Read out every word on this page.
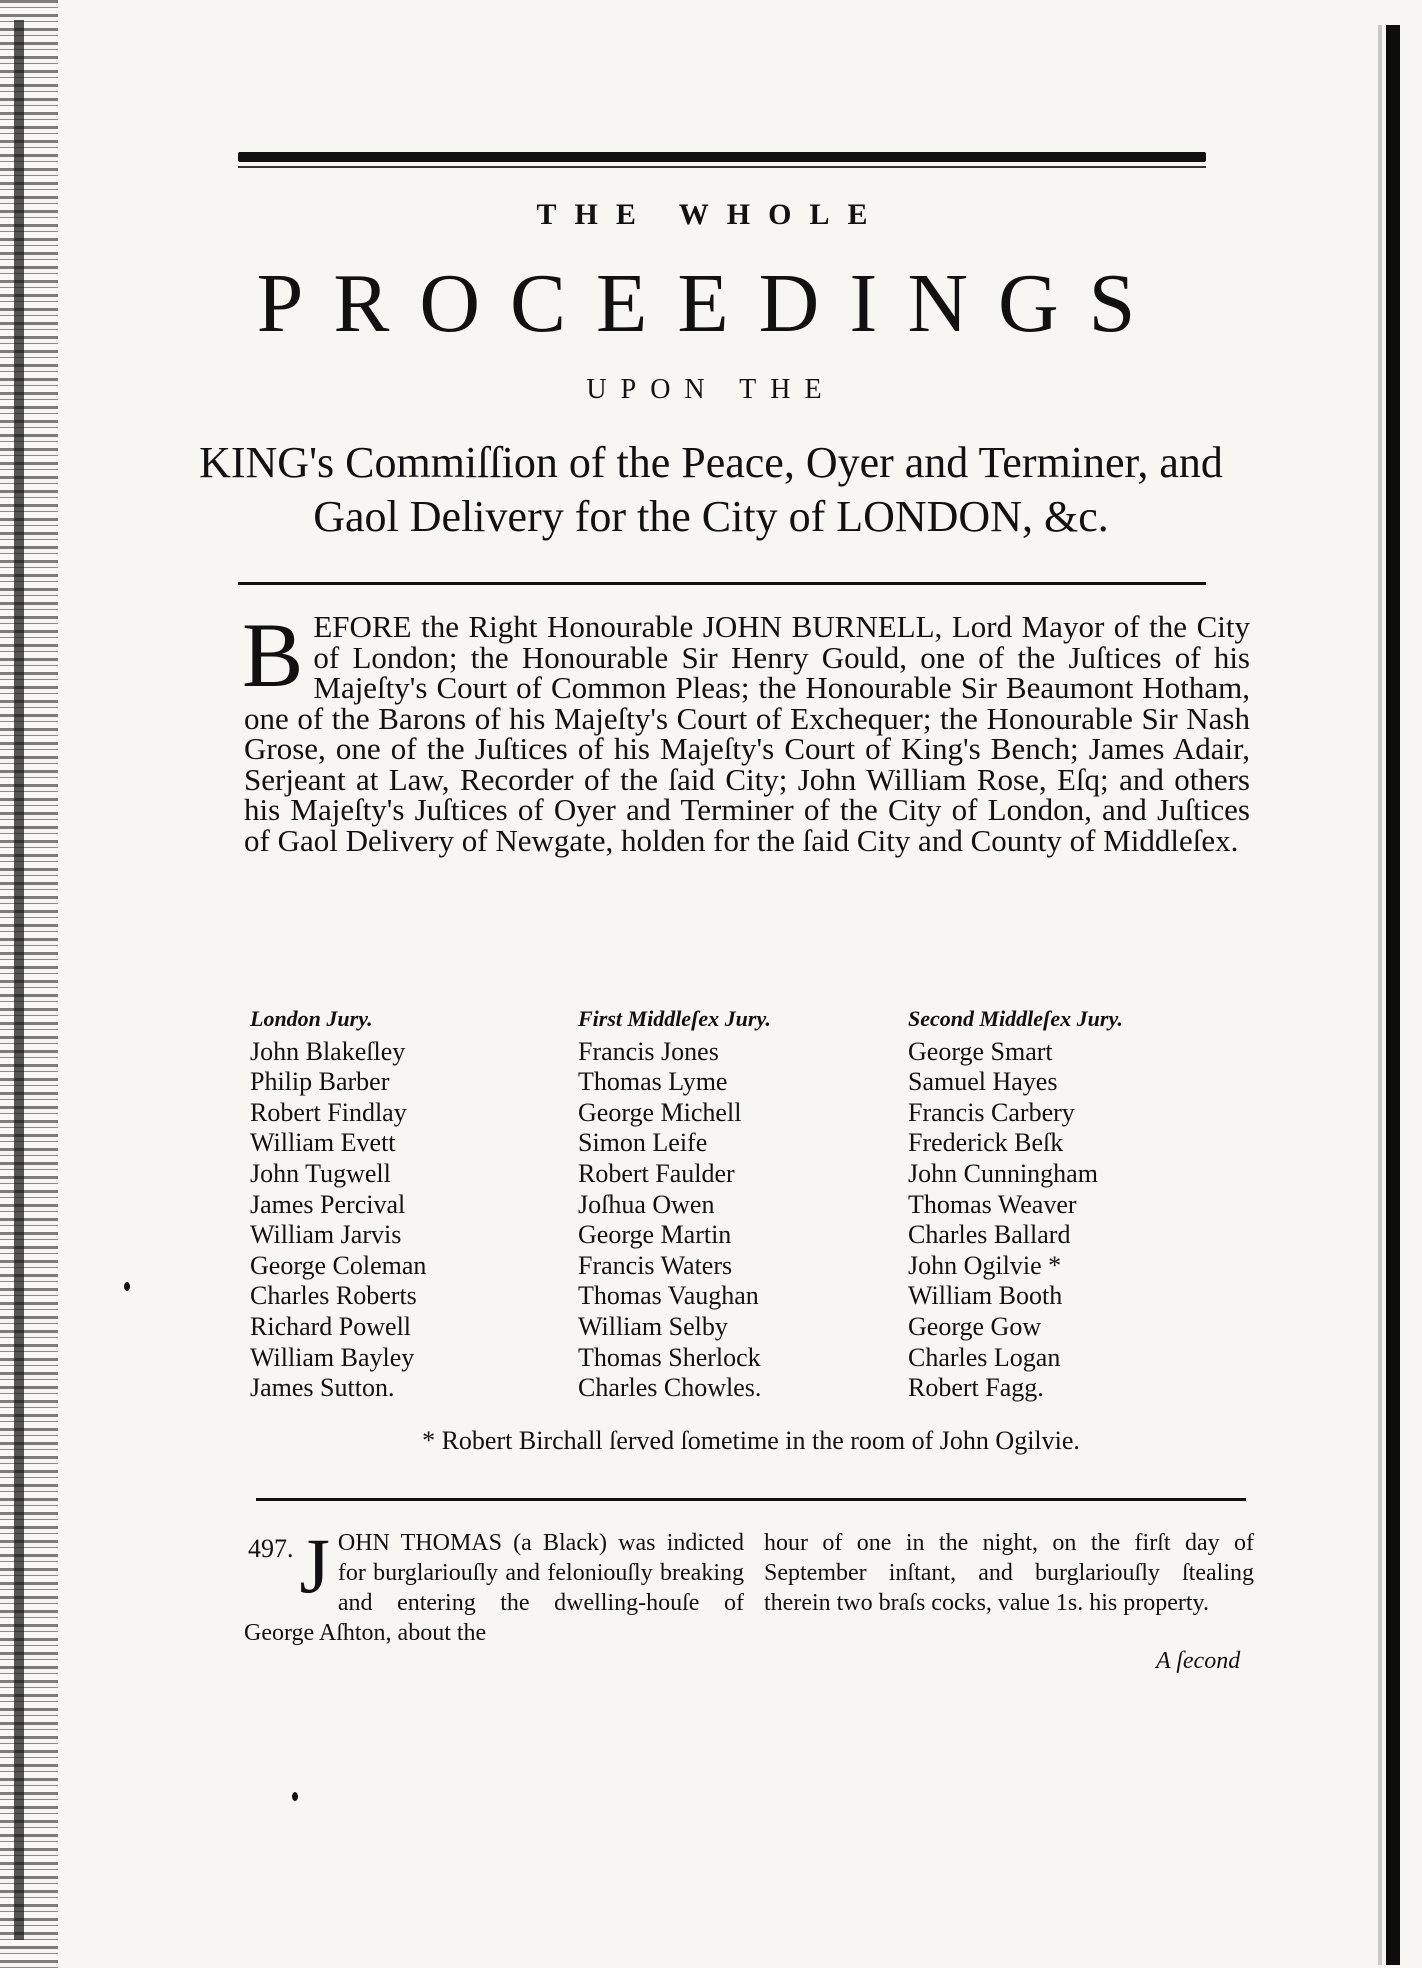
THE WHOLE
PROCEEDINGS
UPON THE
KING's Commiſſion of the Peace, Oyer and Terminer, and
Gaol Delivery for the City of LONDON, &c.
B EFORE the Right Honourable JOHN BURNELL, Lord Mayor of the City of London; the Honourable Sir Henry Gould, one of the Juſtices of his Majeſty's Court of Common Pleas; the Honourable Sir Beaumont Hotham, one of the Barons of his Majeſty's Court of Exchequer; the Honourable Sir Nash Grose, one of the Juſtices of his Majeſty's Court of King's Bench; James Adair, Serjeant at Law, Recorder of the ſaid City; John William Rose, Eſq; and others his Majeſty's Juſtices of Oyer and Terminer of the City of London, and Juſtices of Gaol Delivery of Newgate, holden for the ſaid City and County of Middleſex.
London Jury.
John Blakeſley
Philip Barber
Robert Findlay
William Evett
John Tugwell
James Percival
William Jarvis
George Coleman
Charles Roberts
Richard Powell
William Bayley
James Sutton.
First Middleſex Jury.
Francis Jones
Thomas Lyme
George Michell
Simon Leife
Robert Faulder
Joſhua Owen
George Martin
Francis Waters
Thomas Vaughan
William Selby
Thomas Sherlock
Charles Chowles.
Second Middleſex Jury.
George Smart
Samuel Hayes
Francis Carbery
Frederick Beſk
John Cunningham
Thomas Weaver
Charles Ballard
John Ogilvie *
William Booth
George Gow
Charles Logan
Robert Fagg.
* Robert Birchall ſerved ſometime in the room of John Ogilvie.
497. J OHN THOMAS (a Black) was indicted for burglariouſly and feloniouſly breaking and entering the dwelling-houſe of George Aſhton, about the
hour of one in the night, on the firſt day of September inſtant, and burglariouſly ſtealing therein two braſs cocks, value 1s. his property.
A ſecond
